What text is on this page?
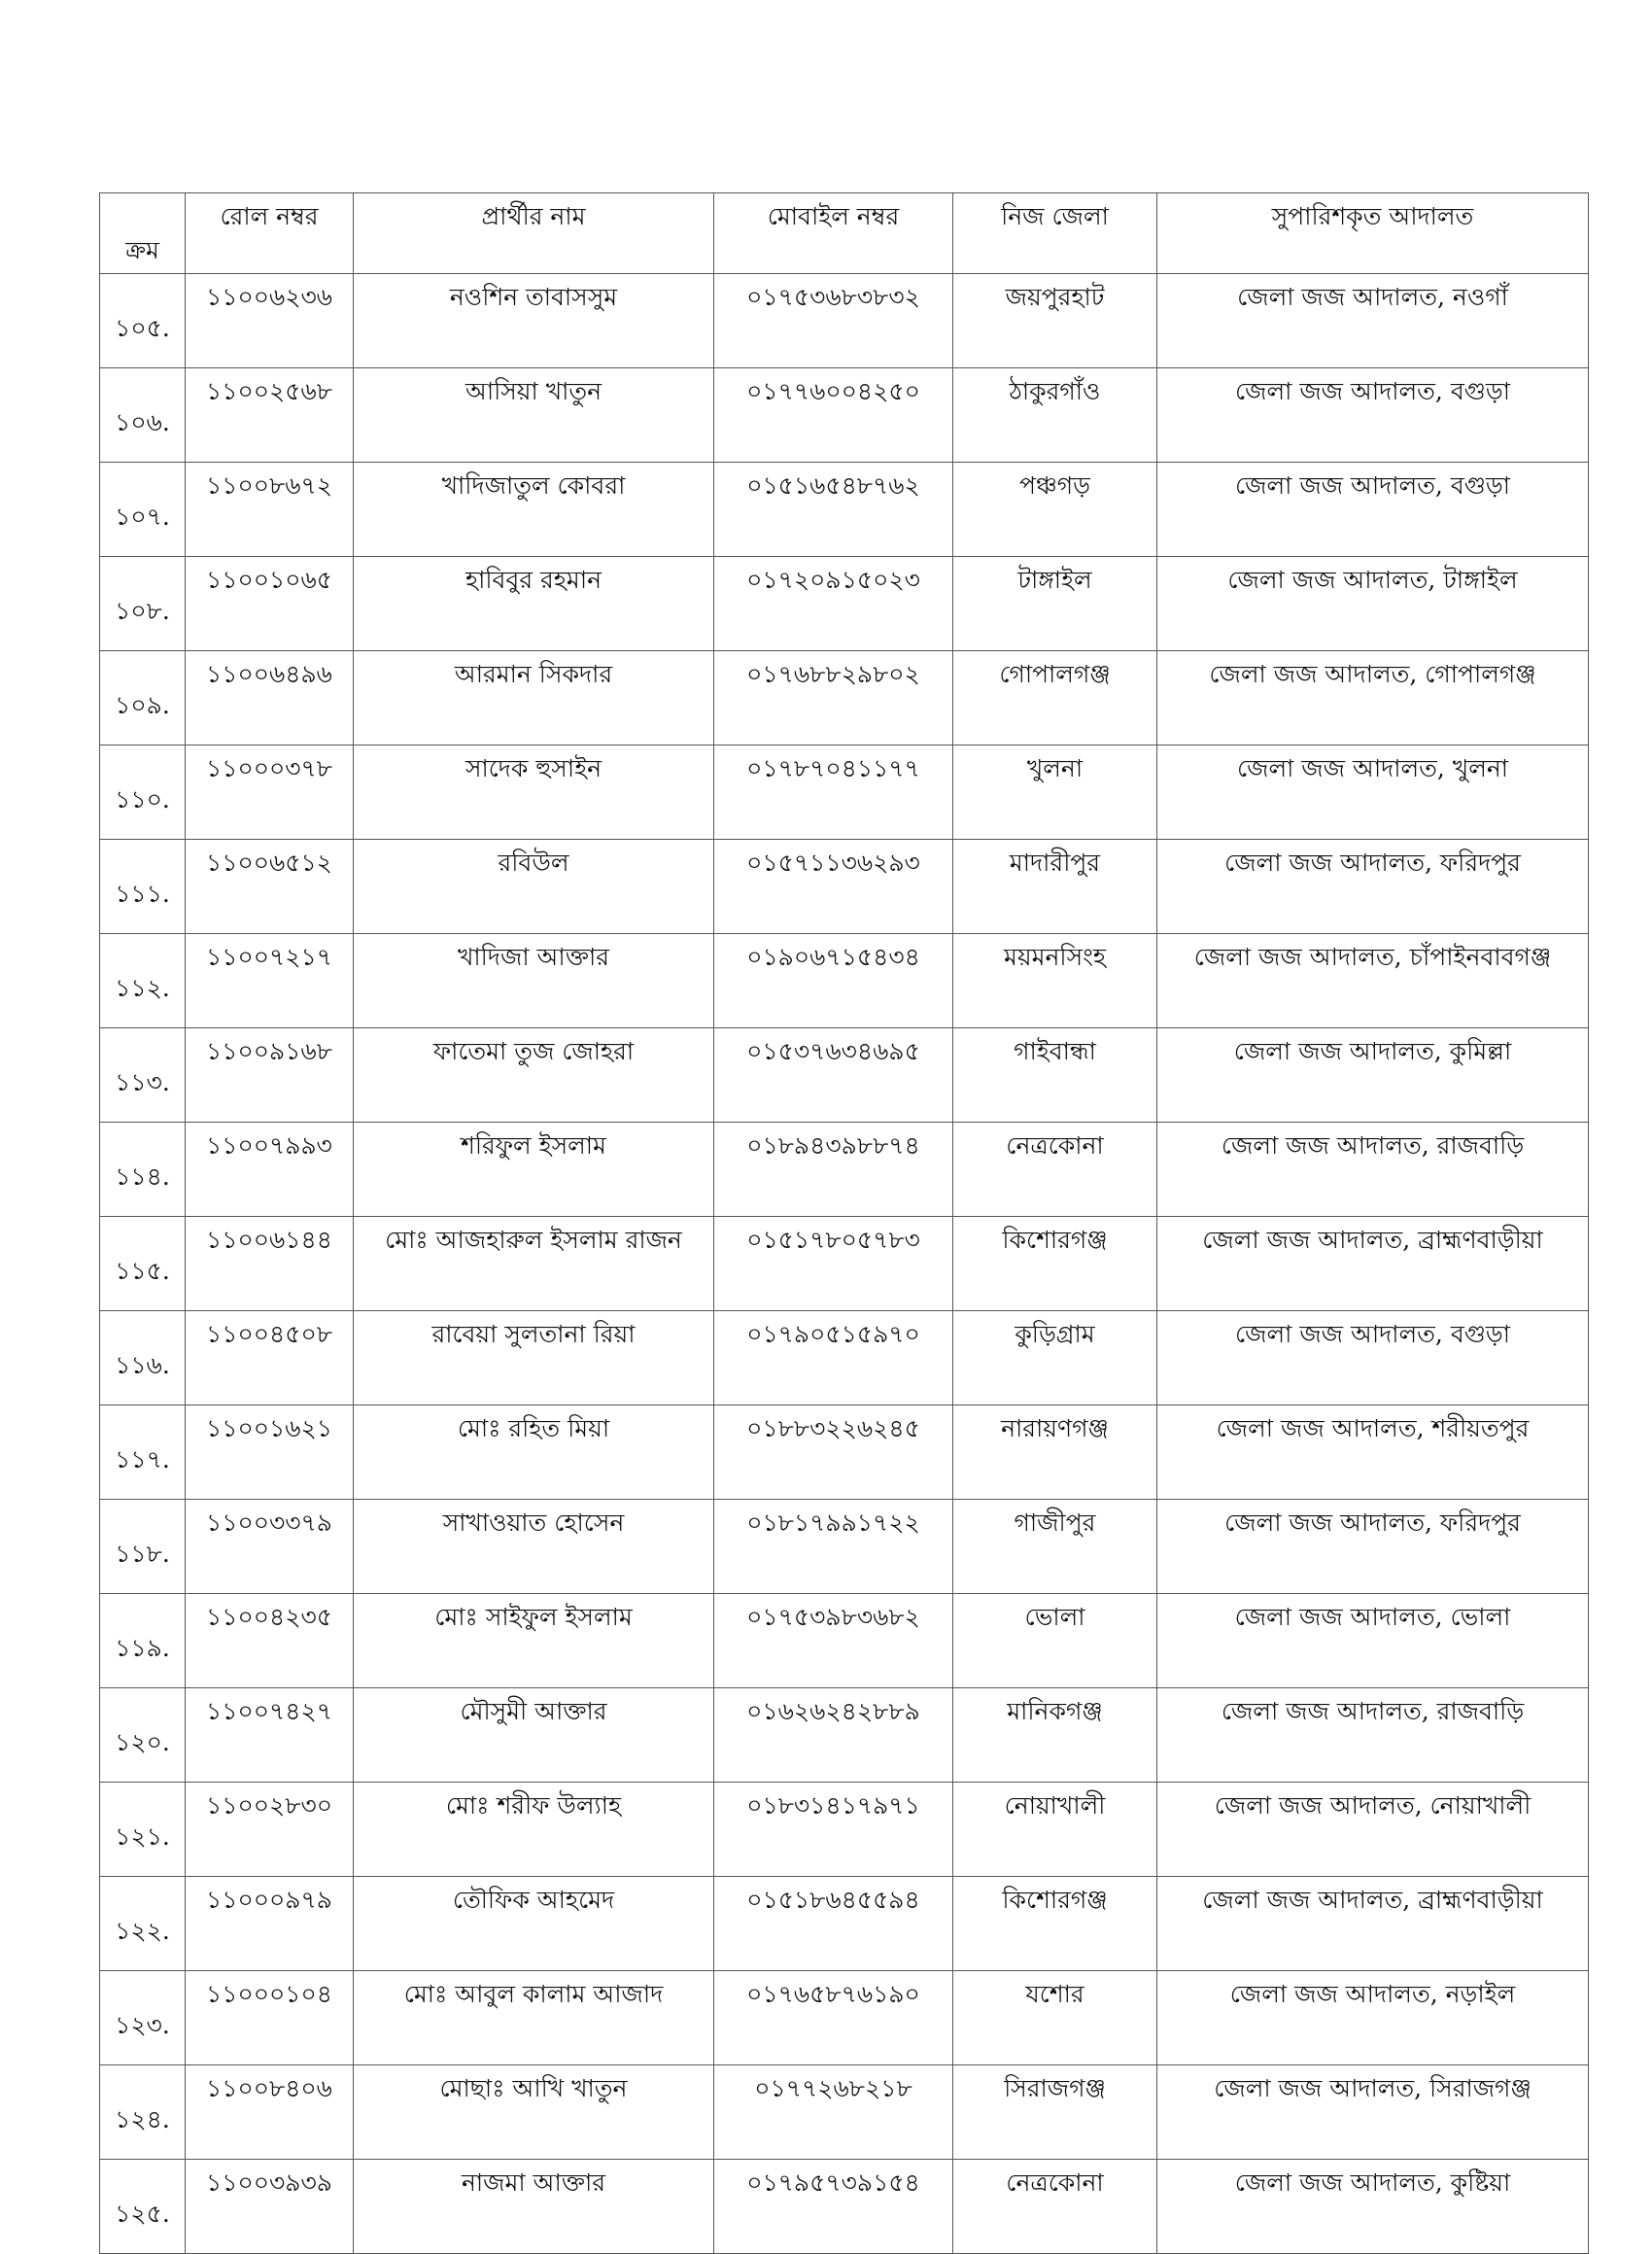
ক্রম	রোল নম্বর	প্রার্থীর নাম	মোবাইল নম্বর	নিজ জেলা	সুপারিশকৃত আদালত
১০৫.	১১০০৬২৩৬	নওশিন তাবাসসুম	০১৭৫৩৬৮৩৮৩২	জয়পুরহাট	জেলা জজ আদালত, নওগাঁ
১০৬.	১১০০২৫৬৮	আসিয়া খাতুন	০১৭৭৬০০৪২৫০	ঠাকুরগাঁও	জেলা জজ আদালত, বগুড়া
১০৭.	১১০০৮৬৭২	খাদিজাতুল কোবরা	০১৫১৬৫৪৮৭৬২	পঞ্চগড়	জেলা জজ আদালত, বগুড়া
১০৮.	১১০০১০৬৫	হাবিবুর রহমান	০১৭২০৯১৫০২৩	টাঙ্গাইল	জেলা জজ আদালত, টাঙ্গাইল
১০৯.	১১০০৬৪৯৬	আরমান সিকদার	০১৭৬৮৮২৯৮০২	গোপালগঞ্জ	জেলা জজ আদালত, গোপালগঞ্জ
১১০.	১১০০০৩৭৮	সাদেক হুসাইন	০১৭৮৭০৪১১৭৭	খুলনা	জেলা জজ আদালত, খুলনা
১১১.	১১০০৬৫১২	রবিউল	০১৫৭১১৩৬২৯৩	মাদারীপুর	জেলা জজ আদালত, ফরিদপুর
১১২.	১১০০৭২১৭	খাদিজা আক্তার	০১৯০৬৭১৫৪৩৪	ময়মনসিংহ	জেলা জজ আদালত, চাঁপাইনবাবগঞ্জ
১১৩.	১১০০৯১৬৮	ফাতেমা তুজ জোহরা	০১৫৩৭৬৩৪৬৯৫	গাইবান্ধা	জেলা জজ আদালত, কুমিল্লা
১১৪.	১১০০৭৯৯৩	শরিফুল ইসলাম	০১৮৯৪৩৯৮৮৭৪	নেত্রকোনা	জেলা জজ আদালত, রাজবাড়ি
১১৫.	১১০০৬১৪৪	মোঃ আজহারুল ইসলাম রাজন	০১৫১৭৮০৫৭৮৩	কিশোরগঞ্জ	জেলা জজ আদালত, ব্রাহ্মণবাড়ীয়া
১১৬.	১১০০৪৫০৮	রাবেয়া সুলতানা রিয়া	০১৭৯০৫১৫৯৭০	কুড়িগ্রাম	জেলা জজ আদালত, বগুড়া
১১৭.	১১০০১৬২১	মোঃ রহিত মিয়া	০১৮৮৩২২৬২৪৫	নারায়ণগঞ্জ	জেলা জজ আদালত, শরীয়তপুর
১১৮.	১১০০৩৩৭৯	সাখাওয়াত হোসেন	০১৮১৭৯৯১৭২২	গাজীপুর	জেলা জজ আদালত, ফরিদপুর
১১৯.	১১০০৪২৩৫	মোঃ সাইফুল ইসলাম	০১৭৫৩৯৮৩৬৮২	ভোলা	জেলা জজ আদালত, ভোলা
১২০.	১১০০৭৪২৭	মৌসুমী আক্তার	০১৬২৬২৪২৮৮৯	মানিকগঞ্জ	জেলা জজ আদালত, রাজবাড়ি
১২১.	১১০০২৮৩০	মোঃ শরীফ উল্যাহ	০১৮৩১৪১৭৯৭১	নোয়াখালী	জেলা জজ আদালত, নোয়াখালী
১২২.	১১০০০৯৭৯	তৌফিক আহমেদ	০১৫১৮৬৪৫৫৯৪	কিশোরগঞ্জ	জেলা জজ আদালত, ব্রাহ্মণবাড়ীয়া
১২৩.	১১০০০১০৪	মোঃ আবুল কালাম আজাদ	০১৭৬৫৮৭৬১৯০	যশোর	জেলা জজ আদালত, নড়াইল
১২৪.	১১০০৮৪০৬	মোছাঃ আখি খাতুন	০১৭৭২৬৮২১৮	সিরাজগঞ্জ	জেলা জজ আদালত, সিরাজগঞ্জ
১২৫.	১১০০৩৯৩৯	নাজমা আক্তার	০১৭৯৫৭৩৯১৫৪	নেত্রকোনা	জেলা জজ আদালত, কুষ্টিয়া
